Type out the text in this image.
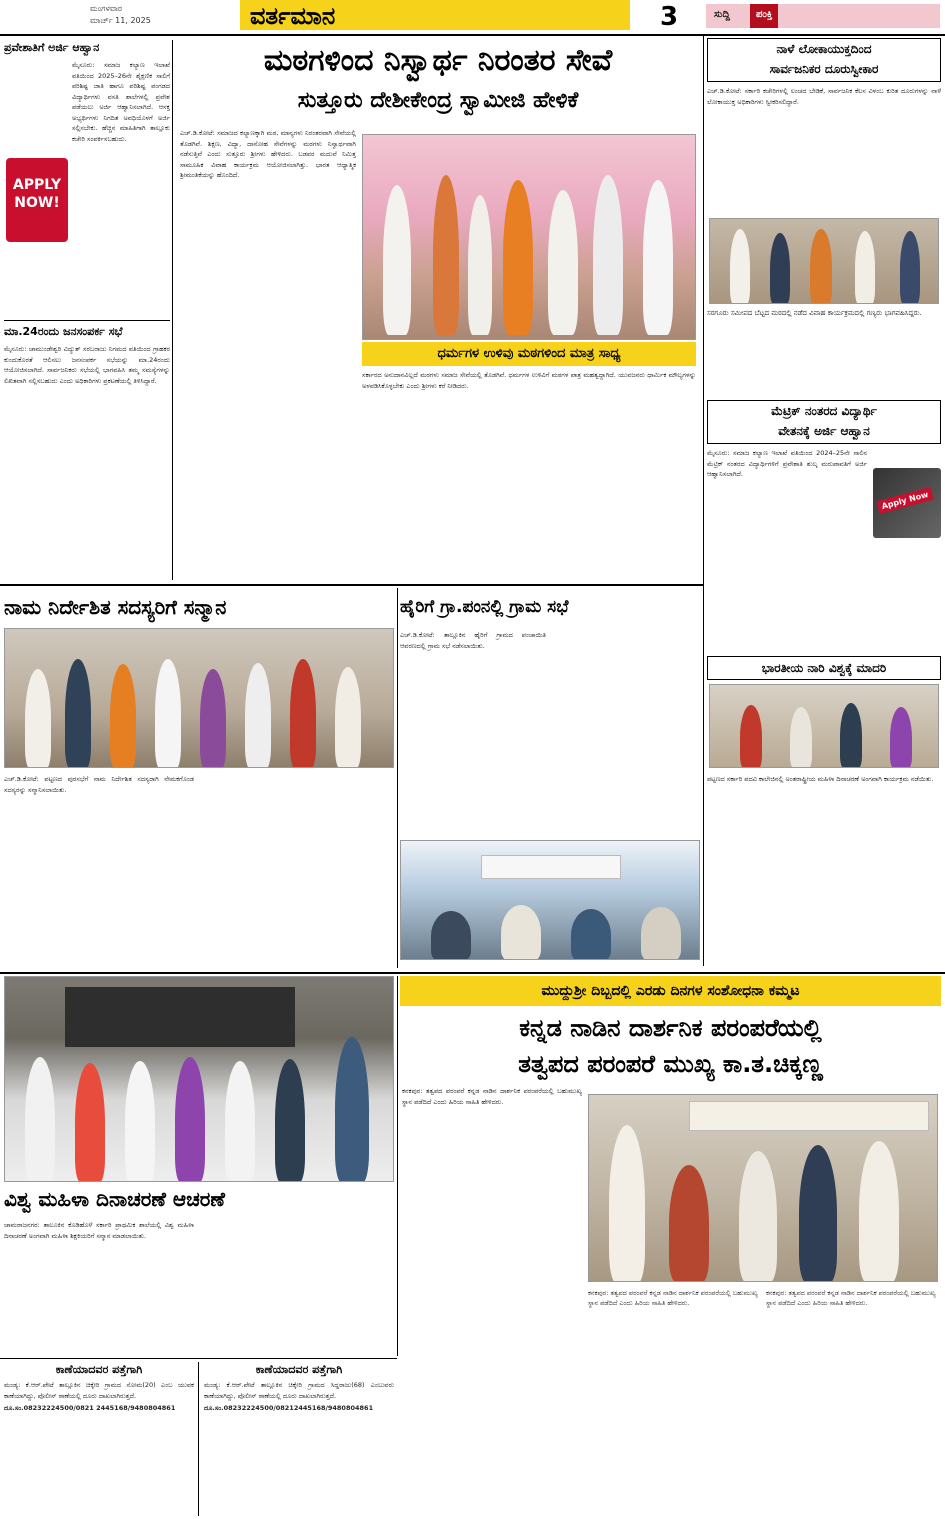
ಮಂಗಳವಾರ
ಮಾರ್ಚ್ 11, 2025	ವರ್ತಮಾನ	3	ಸುದ್ದಿ	ಪಂಕ್ತಿ
ಪ್ರವೇಶಾತಿಗೆ ಅರ್ಜಿ ಆಹ್ವಾನ
APPLY
NOW!
ಮೈಸೂರು: ಸಮಾಜ ಕಲ್ಯಾಣ ಇಲಾಖೆ ವತಿಯಿಂದ 2025–26ನೇ ಶೈಕ್ಷಣಿಕ ಸಾಲಿಗೆ ಪರಿಶಿಷ್ಟ ಜಾತಿ ಹಾಗೂ ಪರಿಶಿಷ್ಟ ಪಂಗಡದ ವಿದ್ಯಾರ್ಥಿಗಳು ವಸತಿ ಶಾಲೆಗಳಲ್ಲಿ ಪ್ರವೇಶ ಪಡೆಯಲು ಅರ್ಜಿ ಆಹ್ವಾನಿಸಲಾಗಿದೆ. ಆಸಕ್ತ ಅಭ್ಯರ್ಥಿಗಳು ನಿಗದಿತ ಅವಧಿಯೊಳಗೆ ಅರ್ಜಿ ಸಲ್ಲಿಸಬೇಕು. ಹೆಚ್ಚಿನ ಮಾಹಿತಿಗಾಗಿ ತಾಲ್ಲೂಕು ಕಚೇರಿ ಸಂಪರ್ಕಿಸಬಹುದು.
ಮಾ.24ರಂದು ಜನಸಂಪರ್ಕ ಸಭೆ
ಮೈಸೂರು: ಚಾಮುಂಡೇಶ್ವರಿ ವಿದ್ಯುತ್ ಸರಬರಾಜು ನಿಗಮದ ವತಿಯಿಂದ ಗ್ರಾಹಕರ ಕುಂದುಕೊರತೆ ಆಲಿಸಲು ಜನಸಂಪರ್ಕ ಸಭೆಯನ್ನು ಮಾ.24ರಂದು ಆಯೋಜಿಸಲಾಗಿದೆ. ಸಾರ್ವಜನಿಕರು ಸಭೆಯಲ್ಲಿ ಭಾಗವಹಿಸಿ ತಮ್ಮ ಸಮಸ್ಯೆಗಳನ್ನು ಲಿಖಿತವಾಗಿ ಸಲ್ಲಿಸಬಹುದು ಎಂದು ಅಧಿಕಾರಿಗಳು ಪ್ರಕಟಣೆಯಲ್ಲಿ ತಿಳಿಸಿದ್ದಾರೆ.
ಮಠಗಳಿಂದ ನಿಸ್ವಾರ್ಥ ನಿರಂತರ ಸೇವೆ
ಸುತ್ತೂರು ದೇಶೀಕೇಂದ್ರ ಸ್ವಾಮೀಜಿ ಹೇಳಿಕೆ
ಎಚ್.ಡಿ.ಕೋಟೆ: ಸಮಾಜದ ಕಲ್ಯಾಣಕ್ಕಾಗಿ ಮಠ, ಮಾನ್ಯಗಳು ನಿರಂತರವಾಗಿ ಸೇವೆಯಲ್ಲಿ ತೊಡಗಿವೆ. ಶಿಕ್ಷಣ, ವಿದ್ಯಾ, ದಾಸೋಹ ಸೇವೆಗಳನ್ನು ಮಠಗಳು ನಿಸ್ವಾರ್ಥವಾಗಿ ನಡೆಸುತ್ತಿವೆ ಎಂದು ಸುತ್ತೂರು ಶ್ರೀಗಳು ಹೇಳಿದರು. ಬಡವರ ಮದುವೆ ನಿಮಿತ್ತ ಸಾಮೂಹಿಕ ವಿವಾಹ ಕಾರ್ಯಕ್ರಮ ಆಯೋಜಿಸಲಾಗಿತ್ತು. ಭಾರತ ಆಧ್ಯಾತ್ಮಿಕ ಶ್ರೀಮಂತಿಕೆಯನ್ನು ಹೊಂದಿದೆ.
ಧರ್ಮಗಳ ಉಳಿವು ಮಠಗಳಿಂದ ಮಾತ್ರ ಸಾಧ್ಯ
ಸರ್ಕಾರದ ಅನುದಾನವಿಲ್ಲದೆ ಮಠಗಳು ಸಮಾಜ ಸೇವೆಯಲ್ಲಿ ತೊಡಗಿವೆ. ಧರ್ಮಗಳ ಉಳಿವಿಗೆ ಮಠಗಳ ಪಾತ್ರ ಮಹತ್ವದ್ದಾಗಿದೆ. ಯುವಜನರು ಧಾರ್ಮಿಕ ಮೌಲ್ಯಗಳನ್ನು ಅಳವಡಿಸಿಕೊಳ್ಳಬೇಕು ಎಂದು ಶ್ರೀಗಳು ಕರೆ ನೀಡಿದರು.
ನಾಳೆ ಲೋಕಾಯುಕ್ತದಿಂದ
ಸಾರ್ವಜನಿಕರ ದೂರುಸ್ವೀಕಾರ
ಎಚ್.ಡಿ.ಕೋಟೆ: ಸರ್ಕಾರಿ ಕಚೇರಿಗಳಲ್ಲಿ ಲಂಚದ ಬೇಡಿಕೆ, ಸಾರ್ವಜನಿಕ ಕೆಲಸ ವಿಳಂಬ ಕುರಿತ ದೂರುಗಳನ್ನು ನಾಳೆ ಲೋಕಾಯುಕ್ತ ಅಧಿಕಾರಿಗಳು ಸ್ವೀಕರಿಸಲಿದ್ದಾರೆ.
ಸರಗೂರು ಸಮೀಪದ ಬೆಟ್ಟದ ಮಠದಲ್ಲಿ ನಡೆದ ವಿವಾಹ ಕಾರ್ಯಕ್ರಮದಲ್ಲಿ ಗಣ್ಯರು ಭಾಗವಹಿಸಿದ್ದರು.
ಮೆಟ್ರಿಕ್ ನಂತರದ ವಿದ್ಯಾರ್ಥಿ
ವೇತನಕ್ಕೆ ಅರ್ಜಿ ಆಹ್ವಾನ
ಮೈಸೂರು: ಸಮಾಜ ಕಲ್ಯಾಣ ಇಲಾಖೆ ವತಿಯಿಂದ 2024–25ನೇ ಸಾಲಿನ ಮೆಟ್ರಿಕ್ ನಂತರದ ವಿದ್ಯಾರ್ಥಿಗಳಿಗೆ ಪ್ರವೇಶಾತಿ ಶುಲ್ಕ ಮರುಪಾವತಿಗೆ ಅರ್ಜಿ ಆಹ್ವಾನಿಸಲಾಗಿದೆ.
Apply Now
ಭಾರತೀಯ ನಾರಿ ವಿಶ್ವಕ್ಕೆ ಮಾದರಿ
ಪಟ್ಟಣದ ಸರ್ಕಾರಿ ಪದವಿ ಕಾಲೇಜಿನಲ್ಲಿ ಅಂತರಾಷ್ಟ್ರೀಯ ಮಹಿಳಾ ದಿನಾಚರಣೆ ಅಂಗವಾಗಿ ಕಾರ್ಯಕ್ರಮ ನಡೆಯಿತು.
ನಾಮ ನಿರ್ದೇಶಿತ ಸದಸ್ಯರಿಗೆ ಸನ್ಮಾನ
ಎಚ್.ಡಿ.ಕೋಟೆ: ಪಟ್ಟಣದ ಪುರಸಭೆಗೆ ನಾಮ ನಿರ್ದೇಶಿತ ಸದಸ್ಯರಾಗಿ ನೇಮಕಗೊಂಡ ಸದಸ್ಯರನ್ನು ಸನ್ಮಾನಿಸಲಾಯಿತು.
ಹೈರಿಗೆ ಗ್ರಾ.ಪಂನಲ್ಲಿ ಗ್ರಾಮ ಸಭೆ
ಎಚ್.ಡಿ.ಕೋಟೆ: ತಾಲ್ಲೂಕಿನ ಹೈರಿಗೆ ಗ್ರಾಮದ ಪಂಚಾಯಿತಿ ಆವರಣದಲ್ಲಿ ಗ್ರಾಮ ಸಭೆ ನಡೆಸಲಾಯಿತು.
ವಿಶ್ವ ಮಹಿಳಾ ದಿನಾಚರಣೆ ಆಚರಣೆ
ಚಾಮರಾಜನಗರ: ತಾಲೂಕಿನ ಕೊಡಿಹೊಳೆ ಸರ್ಕಾರಿ ಪ್ರಾಥಮಿಕ ಶಾಲೆಯಲ್ಲಿ ವಿಶ್ವ ಮಹಿಳಾ ದಿನಾಚರಣೆ ಅಂಗವಾಗಿ ಮಹಿಳಾ ಶಿಕ್ಷಕಿಯರಿಗೆ ಸನ್ಮಾನ ಮಾಡಲಾಯಿತು.
ಮುದ್ದುಶ್ರೀ ದಿಬ್ಬದಲ್ಲಿ ಎರಡು ದಿನಗಳ ಸಂಶೋಧನಾ ಕಮ್ಮಟ
ಕನ್ನಡ ನಾಡಿನ ದಾರ್ಶನಿಕ ಪರಂಪರೆಯಲ್ಲಿ
ತತ್ವಪದ ಪರಂಪರೆ ಮುಖ್ಯ ಕಾ.ತ.ಚಿಕ್ಕಣ್ಣ
ಕನಕಪುರ: ತತ್ವಪದ ಪರಂಪರೆ ಕನ್ನಡ ನಾಡಿನ ದಾರ್ಶನಿಕ ಪರಂಪರೆಯಲ್ಲಿ ಬಹುಮುಖ್ಯ ಸ್ಥಾನ ಪಡೆದಿದೆ ಎಂದು ಹಿರಿಯ ಸಾಹಿತಿ ಹೇಳಿದರು.
ಕನಕಪುರ: ತತ್ವಪದ ಪರಂಪರೆ ಕನ್ನಡ ನಾಡಿನ ದಾರ್ಶನಿಕ ಪರಂಪರೆಯಲ್ಲಿ ಬಹುಮುಖ್ಯ ಸ್ಥಾನ ಪಡೆದಿದೆ ಎಂದು ಹಿರಿಯ ಸಾಹಿತಿ ಹೇಳಿದರು.
ಕನಕಪುರ: ತತ್ವಪದ ಪರಂಪರೆ ಕನ್ನಡ ನಾಡಿನ ದಾರ್ಶನಿಕ ಪರಂಪರೆಯಲ್ಲಿ ಬಹುಮುಖ್ಯ ಸ್ಥಾನ ಪಡೆದಿದೆ ಎಂದು ಹಿರಿಯ ಸಾಹಿತಿ ಹೇಳಿದರು.
ಕಾಣೆಯಾದವರ ಪತ್ತೆಗಾಗಿ
ಮಂಡ್ಯ: ಕೆ.ಆರ್.ಪೇಟೆ ತಾಲ್ಲೂಕಿನ ಚಿಕ್ಕೇರಿ ಗ್ರಾಮದ ಸೋಮ(20) ಎಂಬ ಯುವಕ ಕಾಣೆಯಾಗಿದ್ದು, ಪೊಲೀಸ್ ಠಾಣೆಯಲ್ಲಿ ದೂರು ದಾಖಲಾಗಿರುತ್ತದೆ.
ದೂ.ಸಂ.08232224500/0821 2445168/9480804861
ಕಾಣೆಯಾದವರ ಪತ್ತೆಗಾಗಿ
ಮಂಡ್ಯ: ಕೆ.ಆರ್.ಪೇಟೆ ತಾಲ್ಲೂಕಿನ ಚಿಕ್ಕೇರಿ ಗ್ರಾಮದ ಸಿದ್ದರಾಜು(68) ಎಂಬುವರು ಕಾಣೆಯಾಗಿದ್ದು, ಪೊಲೀಸ್ ಠಾಣೆಯಲ್ಲಿ ದೂರು ದಾಖಲಾಗಿರುತ್ತದೆ.
ದೂ.ಸಂ.08232224500/08212445168/9480804861
